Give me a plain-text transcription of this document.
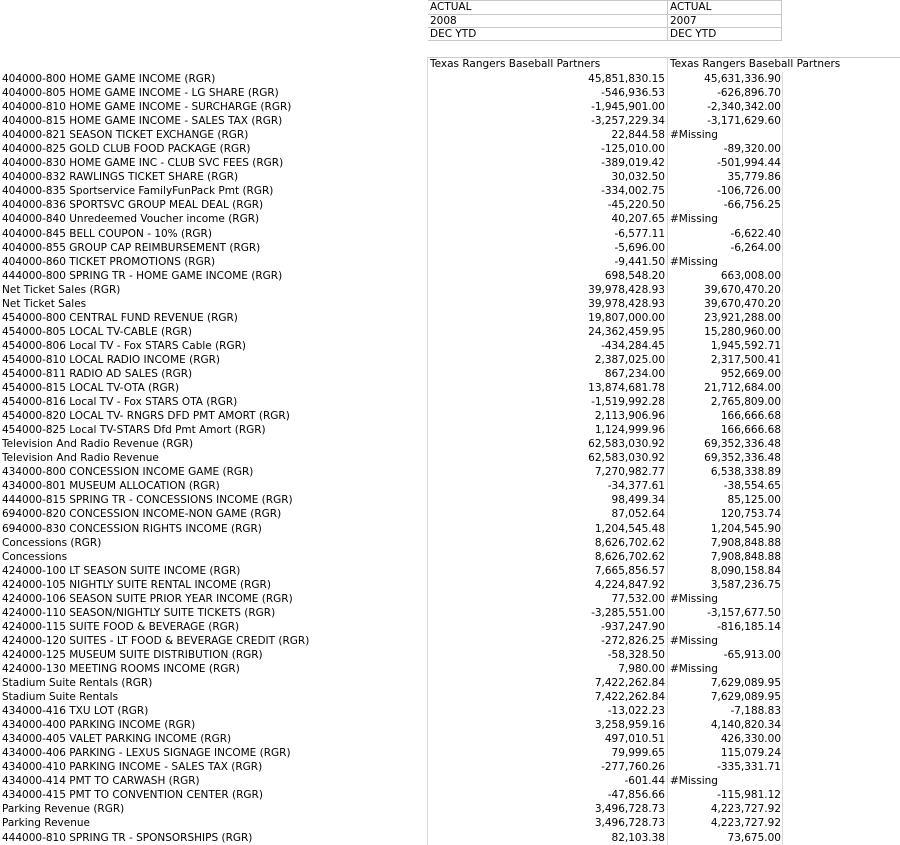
ACTUAL	ACTUAL
2008	2007
DEC YTD	DEC YTD
Texas Rangers Baseball Partners	Texas Rangers Baseball Partners
404000-800 HOME GAME INCOME (RGR)	45,851,830.15	45,631,336.90
404000-805 HOME GAME INCOME - LG SHARE (RGR)	-546,936.53	-626,896.70
404000-810 HOME GAME INCOME - SURCHARGE (RGR)	-1,945,901.00	-2,340,342.00
404000-815 HOME GAME INCOME - SALES TAX (RGR)	-3,257,229.34	-3,171,629.60
404000-821 SEASON TICKET EXCHANGE (RGR)	22,844.58 #Missing
404000-825 GOLD CLUB FOOD PACKAGE (RGR)	-125,010.00	-89,320.00
404000-830 HOME GAME INC - CLUB SVC FEES (RGR)	-389,019.42	-501,994.44
404000-832 RAWLINGS TICKET SHARE (RGR)	30,032.50	35,779.86
404000-835 Sportservice FamilyFunPack Pmt (RGR)	-334,002.75	-106,726.00
404000-836 SPORTSVC GROUP MEAL DEAL (RGR)	-45,220.50	-66,756.25
404000-840 Unredeemed Voucher income (RGR)	40,207.65 #Missing
404000-845 BELL COUPON - 10% (RGR)	-6,577.11	-6,622.40
404000-855 GROUP CAP REIMBURSEMENT (RGR)	-5,696.00	-6,264.00
404000-860 TICKET PROMOTIONS (RGR)	-9,441.50 #Missing
444000-800 SPRING TR - HOME GAME INCOME (RGR)	698,548.20	663,008.00
Net Ticket Sales (RGR)	39,978,428.93	39,670,470.20
Net Ticket Sales	39,978,428.93	39,670,470.20
454000-800 CENTRAL FUND REVENUE (RGR)	19,807,000.00	23,921,288.00
454000-805 LOCAL TV-CABLE (RGR)	24,362,459.95	15,280,960.00
454000-806 Local TV - Fox STARS Cable (RGR)	-434,284.45	1,945,592.71
454000-810 LOCAL RADIO INCOME (RGR)	2,387,025.00	2,317,500.41
454000-811 RADIO AD SALES (RGR)	867,234.00	952,669.00
454000-815 LOCAL TV-OTA (RGR)	13,874,681.78	21,712,684.00
454000-816 Local TV - Fox STARS OTA (RGR)	-1,519,992.28	2,765,809.00
454000-820 LOCAL TV- RNGRS DFD PMT AMORT (RGR)	2,113,906.96	166,666.68
454000-825 Local TV-STARS Dfd Pmt Amort (RGR)	1,124,999.96	166,666.68
Television And Radio Revenue (RGR)	62,583,030.92	69,352,336.48
Television And Radio Revenue	62,583,030.92	69,352,336.48
434000-800 CONCESSION INCOME GAME (RGR)	7,270,982.77	6,538,338.89
434000-801 MUSEUM ALLOCATION (RGR)	-34,377.61	-38,554.65
444000-815 SPRING TR - CONCESSIONS INCOME (RGR)	98,499.34	85,125.00
694000-820 CONCESSION INCOME-NON GAME (RGR)	87,052.64	120,753.74
694000-830 CONCESSION RIGHTS INCOME (RGR)	1,204,545.48	1,204,545.90
Concessions (RGR)	8,626,702.62	7,908,848.88
Concessions	8,626,702.62	7,908,848.88
424000-100 LT SEASON SUITE INCOME (RGR)	7,665,856.57	8,090,158.84
424000-105 NIGHTLY SUITE RENTAL INCOME (RGR)	4,224,847.92	3,587,236.75
424000-106 SEASON SUITE PRIOR YEAR INCOME (RGR)	77,532.00 #Missing
424000-110 SEASON/NIGHTLY SUITE TICKETS (RGR)	-3,285,551.00	-3,157,677.50
424000-115 SUITE FOOD & BEVERAGE (RGR)	-937,247.90	-816,185.14
424000-120 SUITES - LT FOOD & BEVERAGE CREDIT (RGR)	-272,826.25 #Missing
424000-125 MUSEUM SUITE DISTRIBUTION (RGR)	-58,328.50	-65,913.00
424000-130 MEETING ROOMS INCOME (RGR)	7,980.00 #Missing
Stadium Suite Rentals (RGR)	7,422,262.84	7,629,089.95
Stadium Suite Rentals	7,422,262.84	7,629,089.95
434000-416 TXU LOT (RGR)	-13,022.23	-7,188.83
434000-400 PARKING INCOME (RGR)	3,258,959.16	4,140,820.34
434000-405 VALET PARKING INCOME (RGR)	497,010.51	426,330.00
434000-406 PARKING - LEXUS SIGNAGE INCOME (RGR)	79,999.65	115,079.24
434000-410 PARKING INCOME - SALES TAX (RGR)	-277,760.26	-335,331.71
434000-414 PMT TO CARWASH (RGR)	-601.44 #Missing
434000-415 PMT TO CONVENTION CENTER (RGR)	-47,856.66	-115,981.12
Parking Revenue (RGR)	3,496,728.73	4,223,727.92
Parking Revenue	3,496,728.73	4,223,727.92
444000-810 SPRING TR - SPONSORSHIPS (RGR)	82,103.38	73,675.00
